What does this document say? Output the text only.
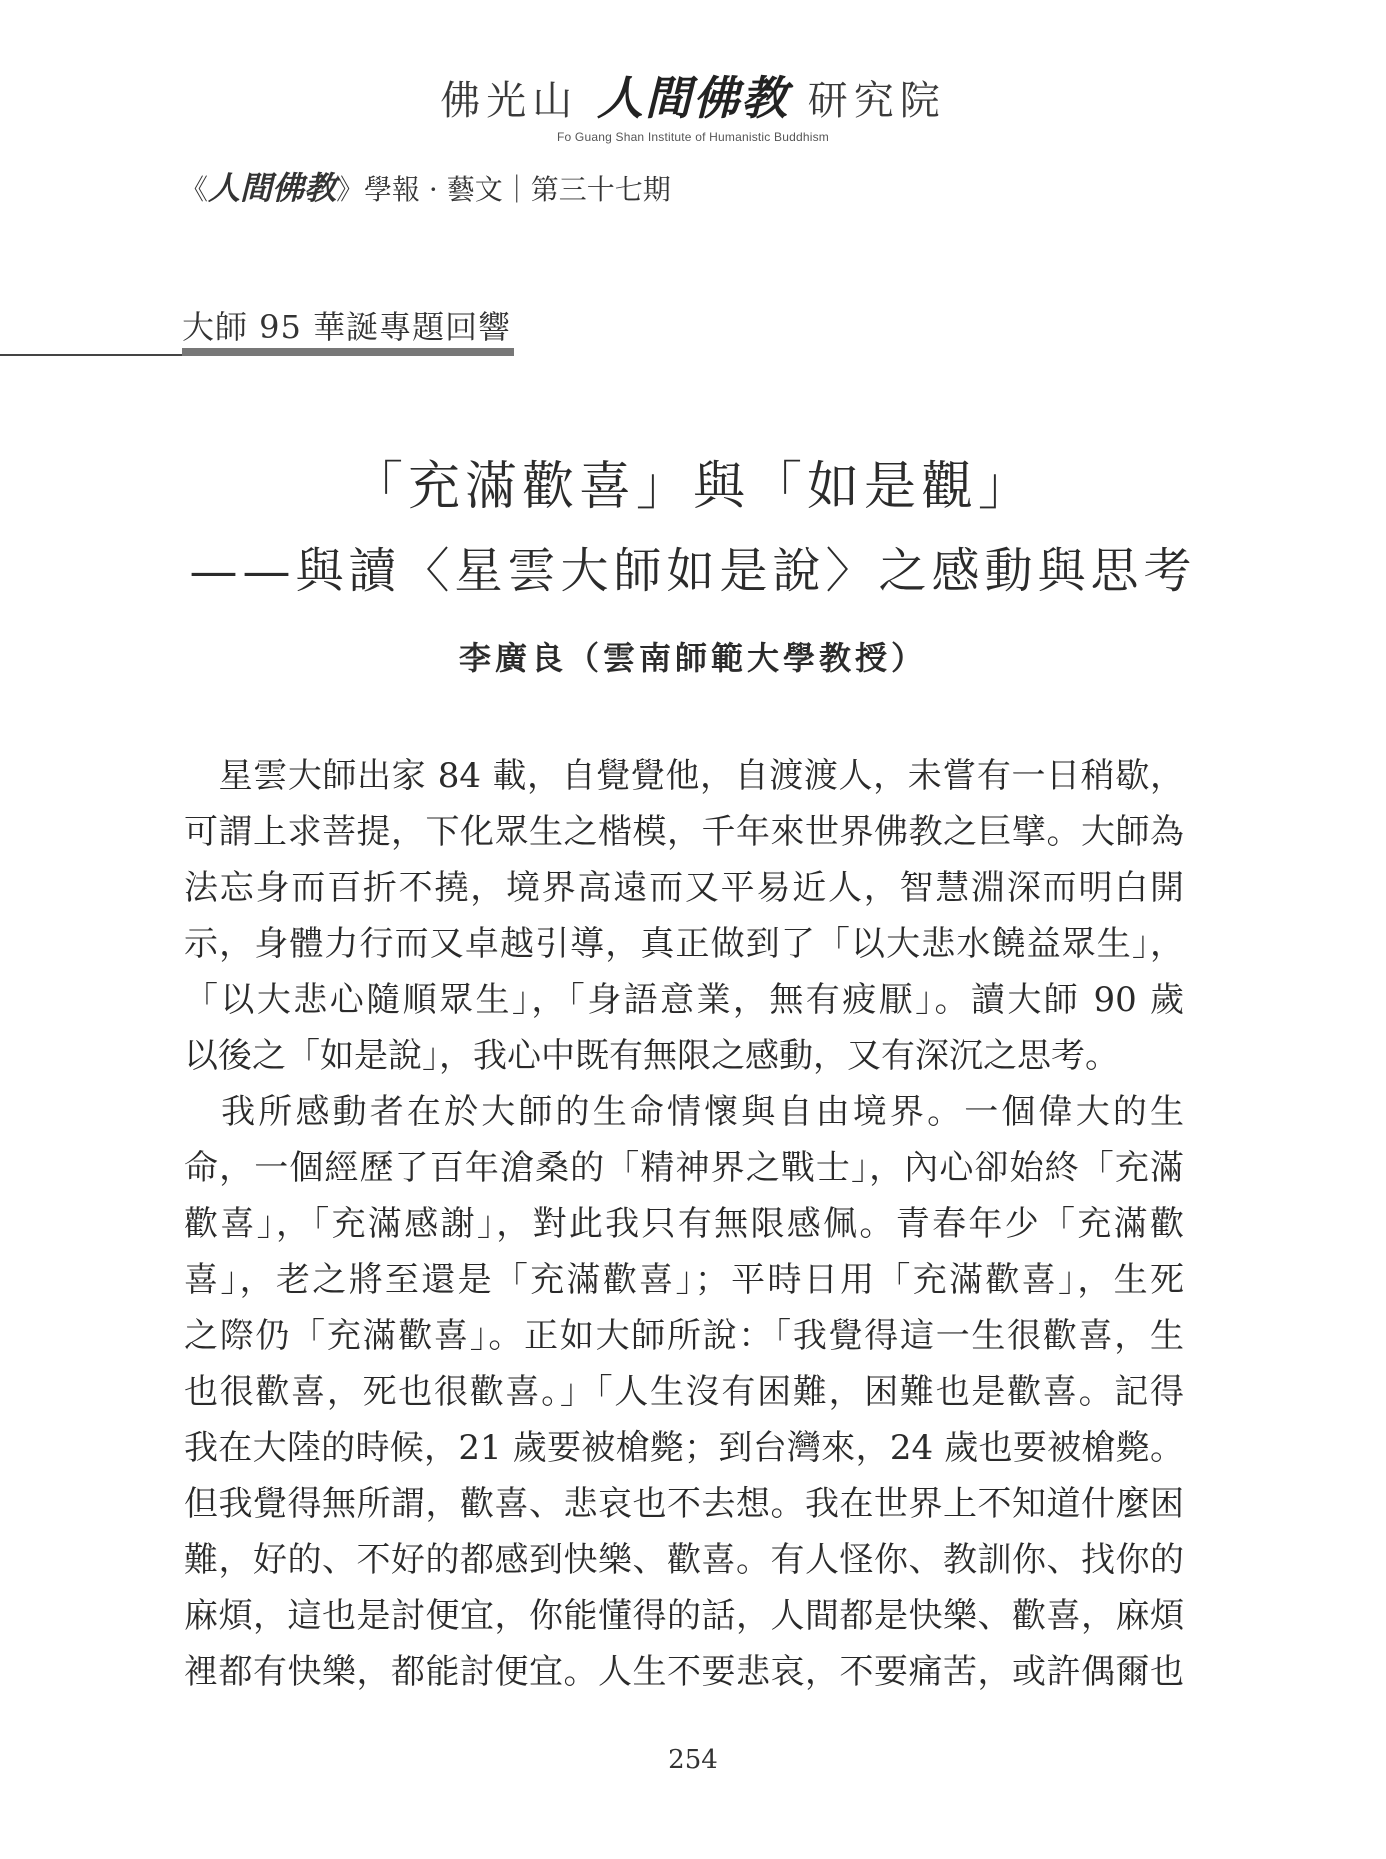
佛光山 人間佛教 研究院
Fo Guang Shan Institute of Humanistic Buddhism
《人間佛教》學報 · 藝文｜第三十七期
大師 95 華誕專題回響
「充滿歡喜」與「如是觀」
——與讀〈星雲大師如是說〉之感動與思考
李廣良（雲南師範大學教授）
　星雲大師出家 84 載，自覺覺他，自渡渡人，未嘗有一日稍歇，
可謂上求菩提，下化眾生之楷模，千年來世界佛教之巨擘。大師為
法忘身而百折不撓，境界高遠而又平易近人，智慧淵深而明白開
示，身體力行而又卓越引導，真正做到了「以大悲水饒益眾生」，
「以大悲心隨順眾生」，「身語意業，無有疲厭」。讀大師 90 歲
以後之「如是說」，我心中既有無限之感動，又有深沉之思考。
　我所感動者在於大師的生命情懷與自由境界。一個偉大的生
命，一個經歷了百年滄桑的「精神界之戰士」，內心卻始終「充滿
歡喜」，「充滿感謝」，對此我只有無限感佩。青春年少「充滿歡
喜」，老之將至還是「充滿歡喜」；平時日用「充滿歡喜」，生死
之際仍「充滿歡喜」。正如大師所說：「我覺得這一生很歡喜，生
也很歡喜，死也很歡喜。」「人生沒有困難，困難也是歡喜。記得
我在大陸的時候，21 歲要被槍斃；到台灣來，24 歲也要被槍斃。
但我覺得無所謂，歡喜、悲哀也不去想。我在世界上不知道什麼困
難，好的、不好的都感到快樂、歡喜。有人怪你、教訓你、找你的
麻煩，這也是討便宜，你能懂得的話，人間都是快樂、歡喜，麻煩
裡都有快樂，都能討便宜。人生不要悲哀，不要痛苦，或許偶爾也
254
